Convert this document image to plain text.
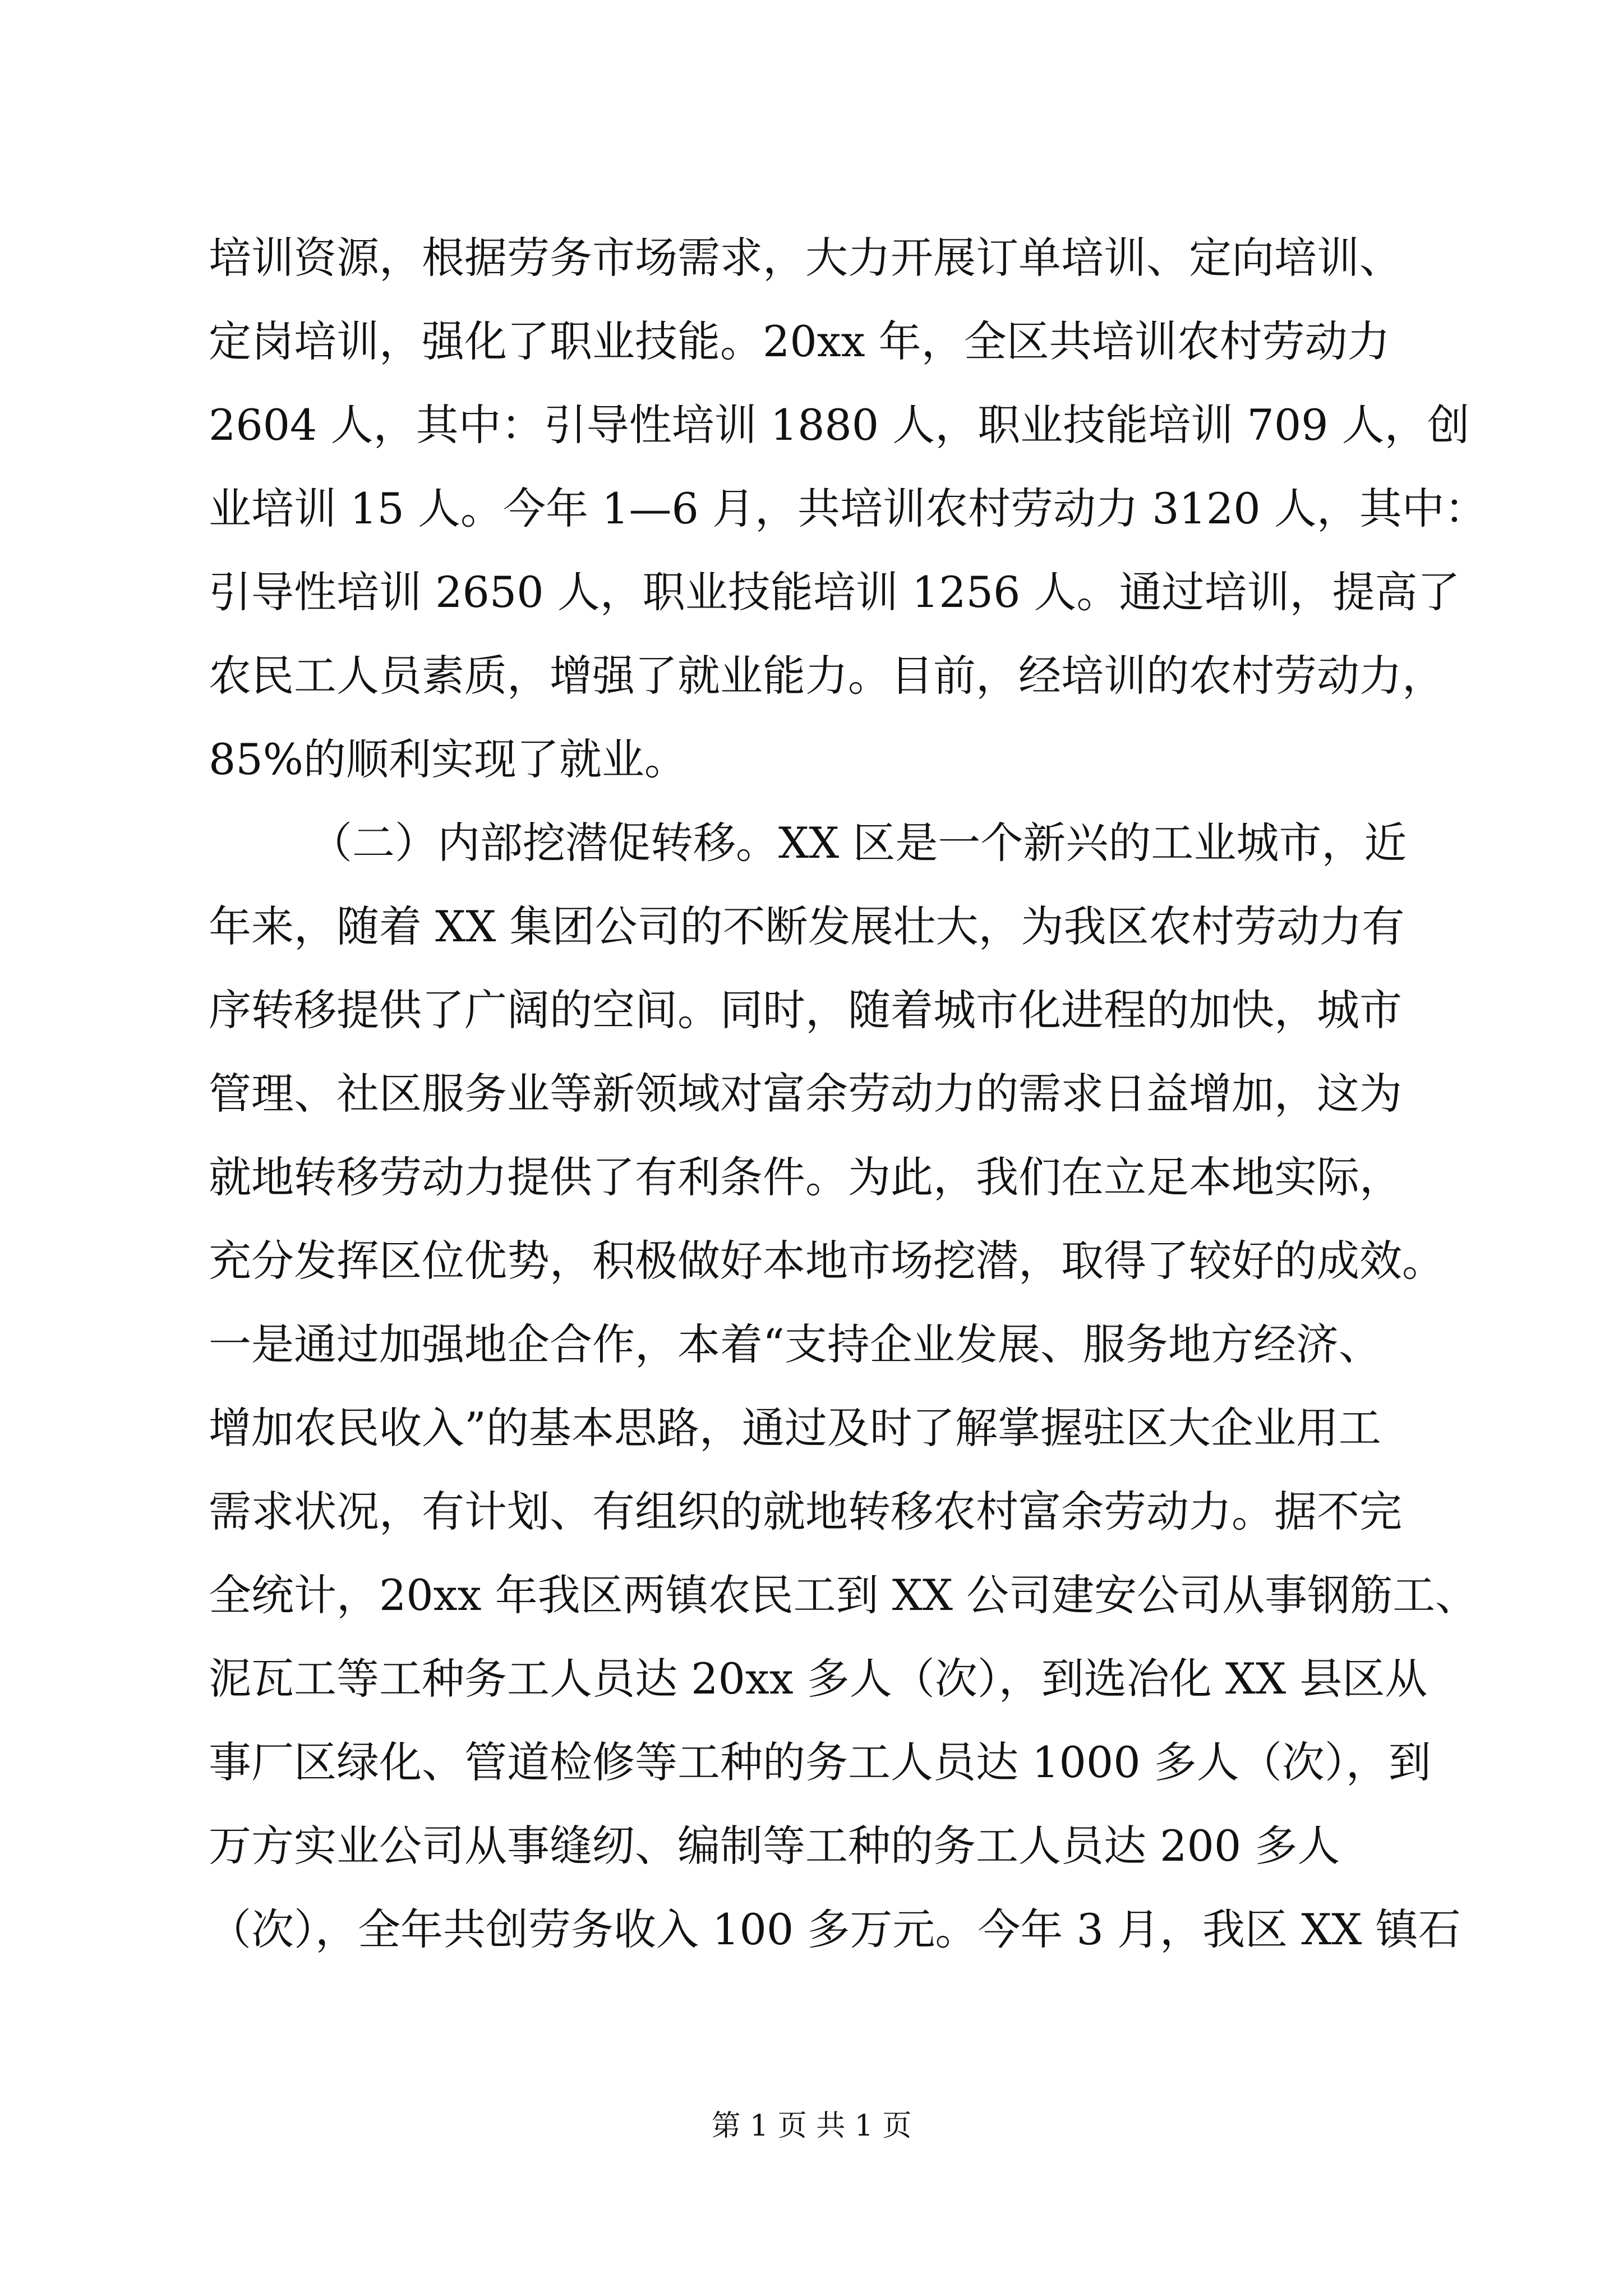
培训资源，根据劳务市场需求，大力开展订单培训、定向培训、
定岗培训，强化了职业技能。20xx 年，全区共培训农村劳动力
2604 人，其中：引导性培训 1880 人，职业技能培训 709 人，创
业培训 15 人。今年 1—6 月，共培训农村劳动力 3120 人，其中：
引导性培训 2650 人，职业技能培训 1256 人。通过培训，提高了
农民工人员素质，增强了就业能力。目前，经培训的农村劳动力，
85%的顺利实现了就业。
（二）内部挖潜促转移。XX 区是一个新兴的工业城市，近
年来，随着 XX 集团公司的不断发展壮大，为我区农村劳动力有
序转移提供了广阔的空间。同时，随着城市化进程的加快，城市
管理、社区服务业等新领域对富余劳动力的需求日益增加，这为
就地转移劳动力提供了有利条件。为此，我们在立足本地实际，
充分发挥区位优势，积极做好本地市场挖潜，取得了较好的成效。
一是通过加强地企合作，本着“支持企业发展、服务地方经济、
增加农民收入”的基本思路，通过及时了解掌握驻区大企业用工
需求状况，有计划、有组织的就地转移农村富余劳动力。据不完
全统计，20xx 年我区两镇农民工到 XX 公司建安公司从事钢筋工、
泥瓦工等工种务工人员达 20xx 多人（次），到选冶化 XX 县区从
事厂区绿化、管道检修等工种的务工人员达 1000 多人（次），到
万方实业公司从事缝纫、编制等工种的务工人员达 200 多人
（次），全年共创劳务收入 100 多万元。今年 3 月，我区 XX 镇石
第 1 页 共 1 页
